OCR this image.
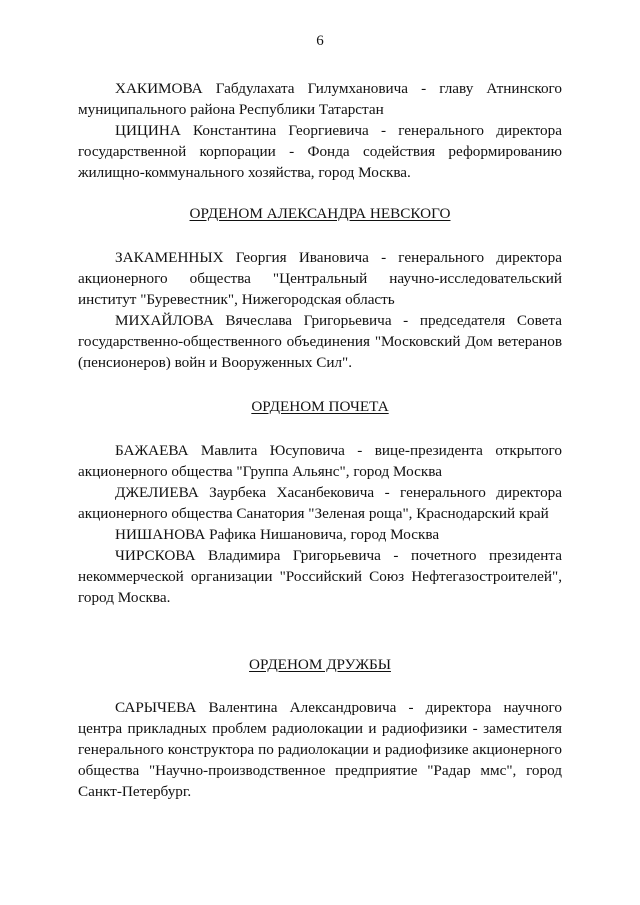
6

ХАКИМОВА Габдулахата Гилумхановича - главу Атнинского муниципального района Республики Татарстан

ЦИЦИНА Константина Георгиевича - генерального директора государственной корпорации - Фонда содействия реформированию жилищно-коммунального хозяйства, город Москва.

ОРДЕНОМ АЛЕКСАНДРА НЕВСКОГО

ЗАКАМЕННЫХ Георгия Ивановича - генерального директора акционерного общества "Центральный научно-исследовательский институт "Буревестник", Нижегородская область

МИХАЙЛОВА Вячеслава Григорьевича - председателя Совета государственно-общественного объединения "Московский Дом ветеранов (пенсионеров) войн и Вооруженных Сил".

ОРДЕНОМ ПОЧЕТА

БАЖАЕВА Мавлита Юсуповича - вице-президента открытого акционерного общества "Группа Альянс", город Москва

ДЖЕЛИЕВА Заурбека Хасанбековича - генерального директора акционерного общества Санатория "Зеленая роща", Краснодарский край

НИШАНОВА Рафика Нишановича, город Москва

ЧИРСКОВА Владимира Григорьевича - почетного президента некоммерческой организации "Российский Союз Нефтегазостроителей", город Москва.

ОРДЕНОМ ДРУЖБЫ

САРЫЧЕВА Валентина Александровича - директора научного центра прикладных проблем радиолокации и радиофизики - заместителя генерального конструктора по радиолокации и радиофизике акционерного общества "Научно-производственное предприятие "Радар ммс", город Санкт-Петербург.
